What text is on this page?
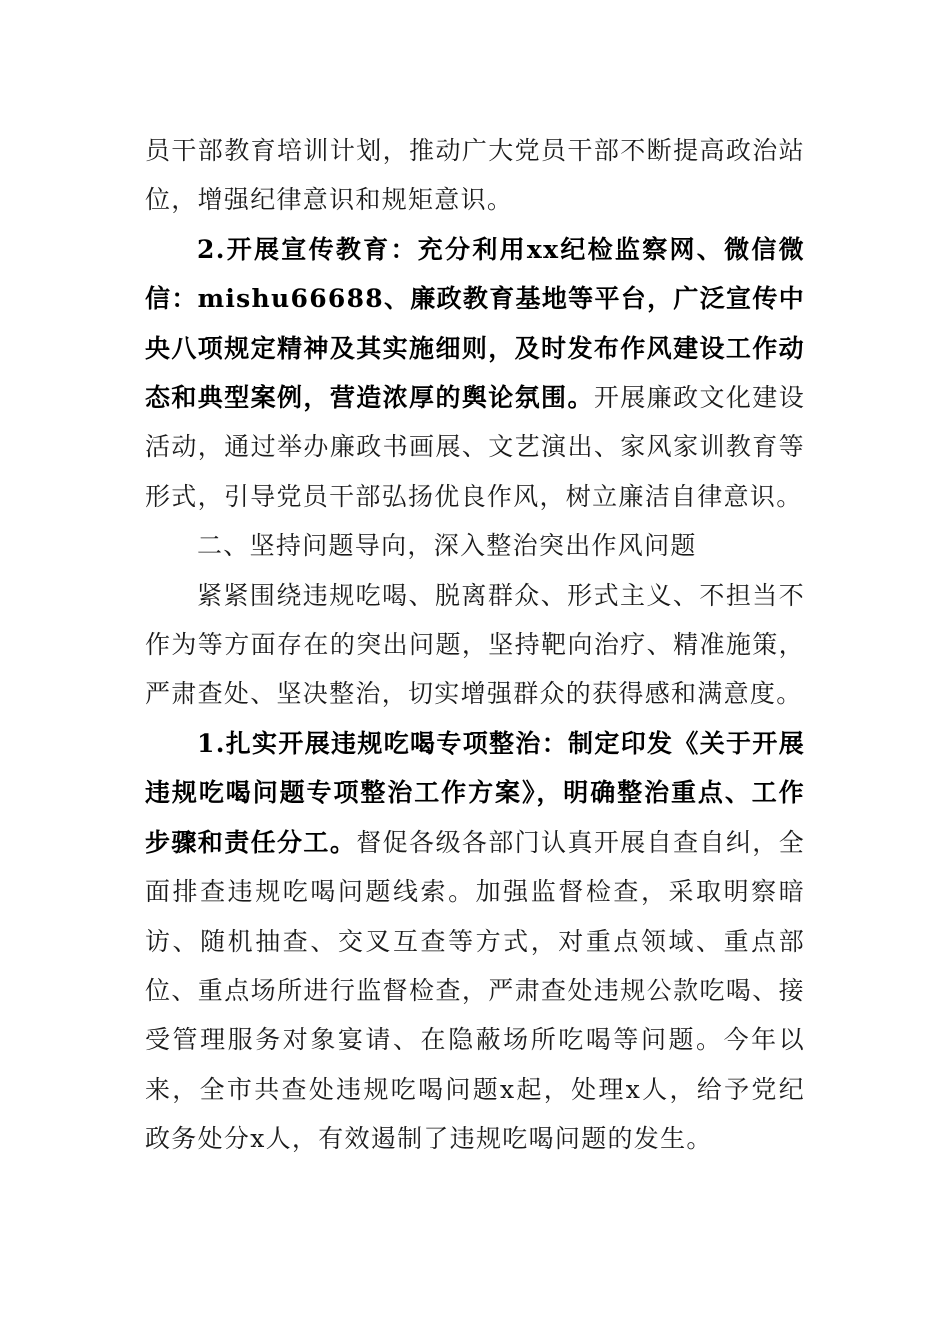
员干部教育培训计划，推动广大党员干部不断提高政治站位，增强纪律意识和规矩意识。

2.开展宣传教育：充分利用xx纪检监察网、微信微信：mishu66688、廉政教育基地等平台，广泛宣传中央八项规定精神及其实施细则，及时发布作风建设工作动态和典型案例，营造浓厚的舆论氛围。开展廉政文化建设活动，通过举办廉政书画展、文艺演出、家风家训教育等形式，引导党员干部弘扬优良作风，树立廉洁自律意识。

二、坚持问题导向，深入整治突出作风问题

紧紧围绕违规吃喝、脱离群众、形式主义、不担当不作为等方面存在的突出问题，坚持靶向治疗、精准施策，严肃查处、坚决整治，切实增强群众的获得感和满意度。

1.扎实开展违规吃喝专项整治：制定印发《关于开展违规吃喝问题专项整治工作方案》，明确整治重点、工作步骤和责任分工。督促各级各部门认真开展自查自纠，全面排查违规吃喝问题线索。加强监督检查，采取明察暗访、随机抽查、交叉互查等方式，对重点领域、重点部位、重点场所进行监督检查，严肃查处违规公款吃喝、接受管理服务对象宴请、在隐蔽场所吃喝等问题。今年以来，全市共查处违规吃喝问题x起，处理x人，给予党纪政务处分x人，有效遏制了违规吃喝问题的发生。
